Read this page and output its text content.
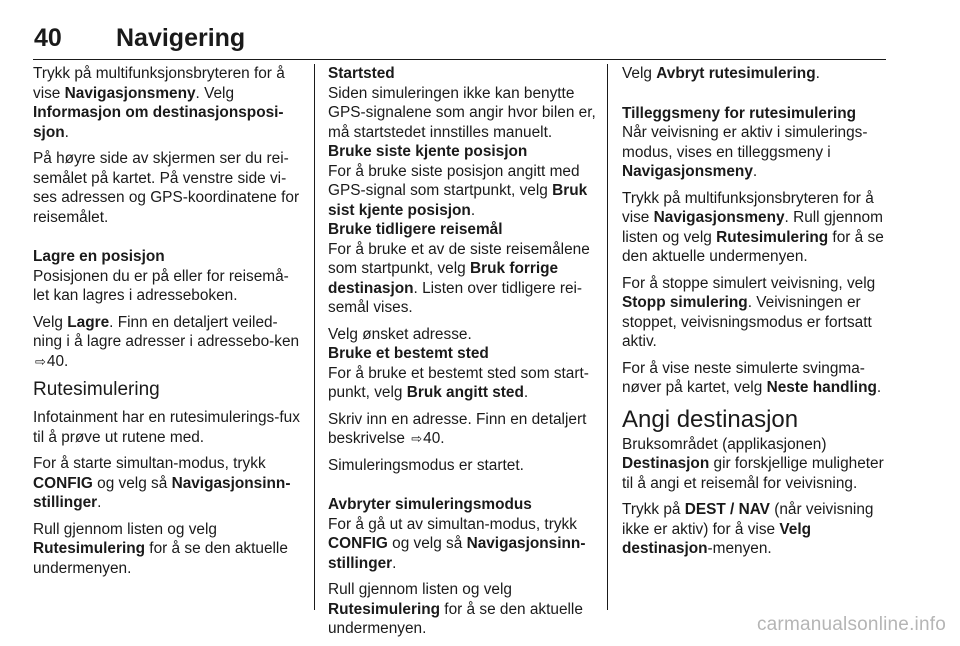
40 Navigering

Trykk på multifunksjonsbryteren for å vise Navigasjonsmeny. Velg Informasjon om destinasjonsposi-sjon.

På høyre side av skjermen ser du rei-semålet på kartet. På venstre side vi-ses adressen og GPS-koordinatene for reisemålet.

Lagre en posisjon

Posisjonen du er på eller for reisemå-let kan lagres i adresseboken.

Velg Lagre. Finn en detaljert veiled-ning i å lagre adresser i adressebo-ken ⇨40.

Rutesimulering

Infotainment har en rutesimulerings-fux til å prøve ut rutene med.

For å starte simultan-modus, trykk CONFIG og velg så Navigasjonsinn-stillinger.

Rull gjennom listen og velg Rutesimulering for å se den aktuelle undermenyen.

Startsted

Siden simuleringen ikke kan benytte GPS-signalene som angir hvor bilen er, må startstedet innstilles manuelt.

Bruke siste kjente posisjon

For å bruke siste posisjon angitt med GPS-signal som startpunkt, velg Bruk sist kjente posisjon.

Bruke tidligere reisemål

For å bruke et av de siste reisemålene som startpunkt, velg Bruk forrige destinasjon. Listen over tidligere rei-semål vises.

Velg ønsket adresse.

Bruke et bestemt sted

For å bruke et bestemt sted som start-punkt, velg Bruk angitt sted.

Skriv inn en adresse. Finn en detaljert beskrivelse ⇨40.

Simuleringsmodus er startet.

Avbryter simuleringsmodus

For å gå ut av simultan-modus, trykk CONFIG og velg så Navigasjonsinn-stillinger.

Rull gjennom listen og velg Rutesimulering for å se den aktuelle undermenyen.

Velg Avbryt rutesimulering.

Tilleggsmeny for rutesimulering

Når veivisning er aktiv i simulerings-modus, vises en tilleggsmeny i Navigasjonsmeny.

Trykk på multifunksjonsbryteren for å vise Navigasjonsmeny. Rull gjennom listen og velg Rutesimulering for å se den aktuelle undermenyen.

For å stoppe simulert veivisning, velg Stopp simulering. Veivisningen er stoppet, veivisningsmodus er fortsatt aktiv.

For å vise neste simulerte svingma-nøver på kartet, velg Neste handling.

Angi destinasjon

Bruksområdet (applikasjonen)

Destinasjon gir forskjellige muligheter til å angi et reisemål for veivisning.

Trykk på DEST / NAV (når veivisning ikke er aktiv) for å vise Velg destinasjon-menyen.

carmanualsonline.info
